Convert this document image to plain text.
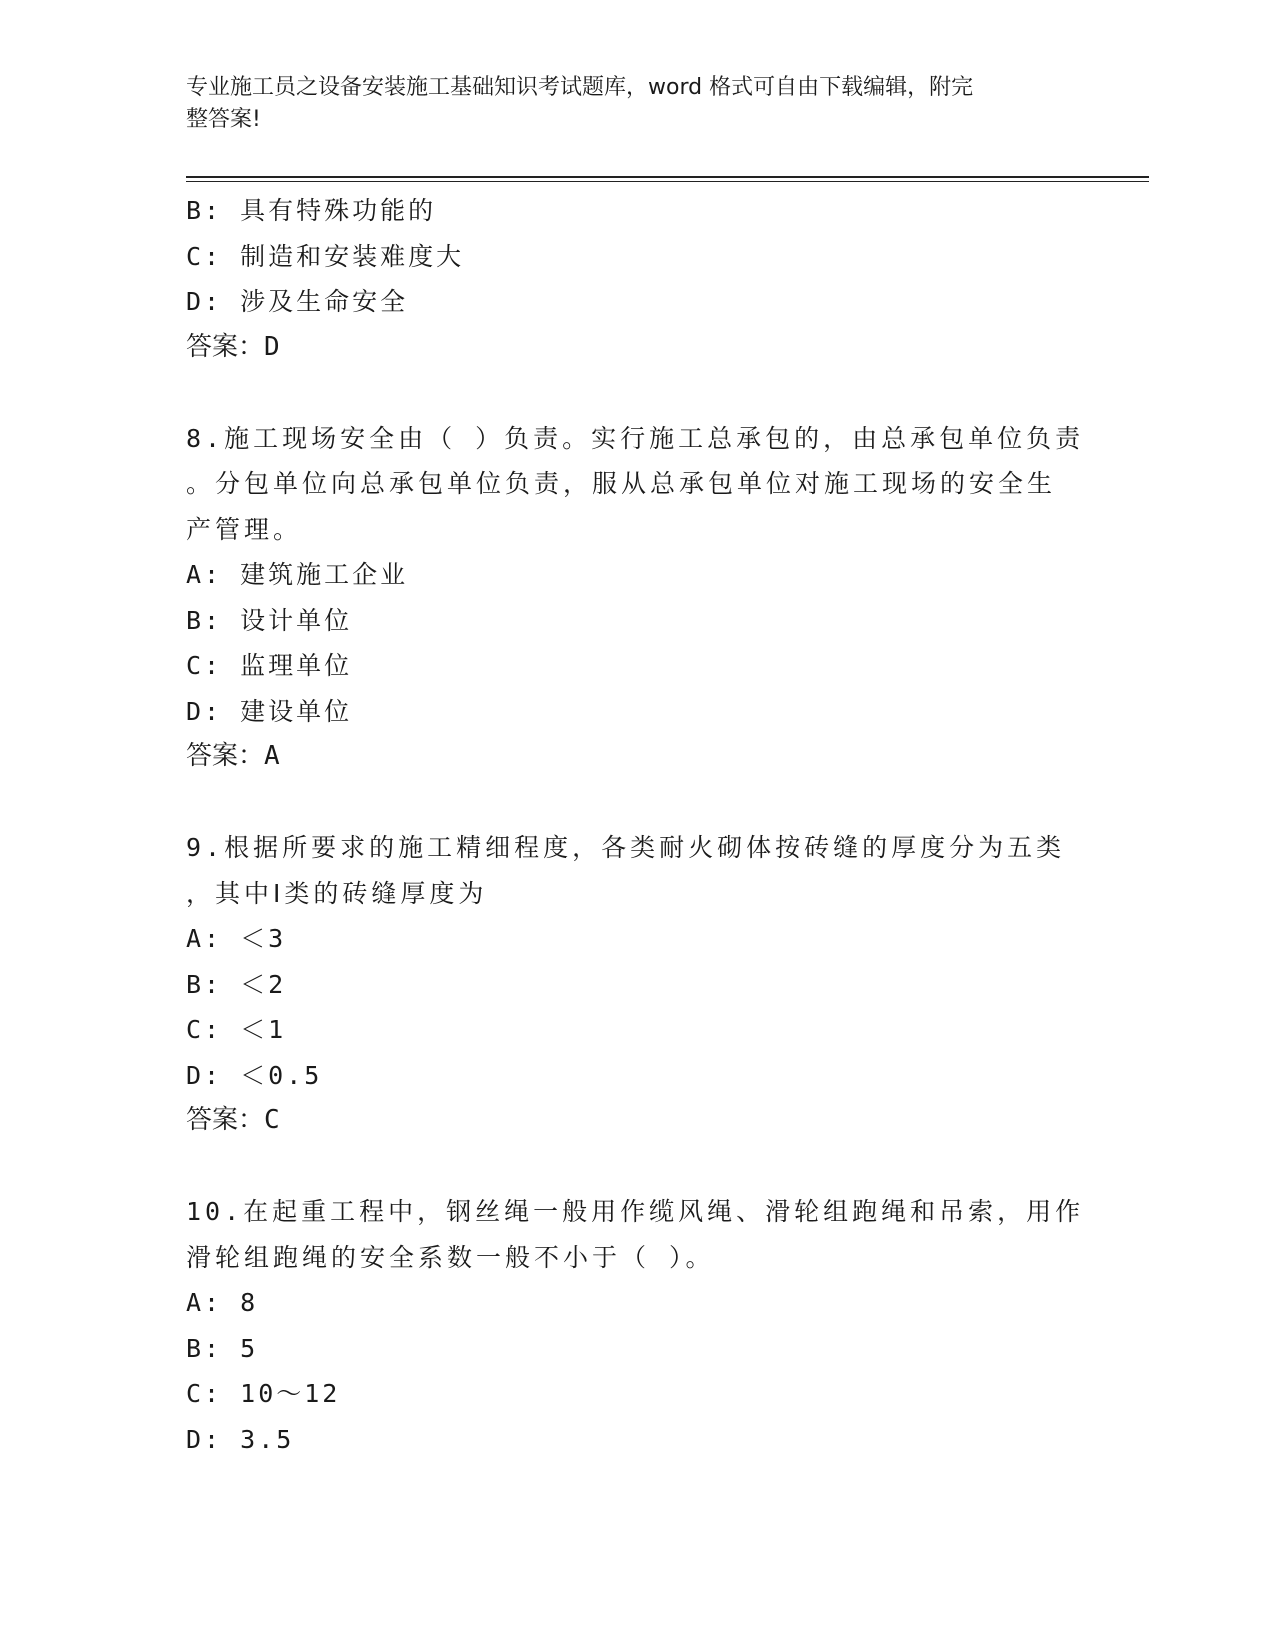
专业施工员之设备安装施工基础知识考试题库，word 格式可自由下载编辑，附完
整答案!
B: 具有特殊功能的
C: 制造和安装难度大
D: 涉及生命安全
答案：D
8.施工现场安全由（ ）负责。实行施工总承包的，由总承包单位负责
。分包单位向总承包单位负责，服从总承包单位对施工现场的安全生
产管理。
A: 建筑施工企业
B: 设计单位
C: 监理单位
D: 建设单位
答案：A
9.根据所要求的施工精细程度，各类耐火砌体按砖缝的厚度分为五类
，其中Ⅰ类的砖缝厚度为
A: ＜3
B: ＜2
C: ＜1
D: ＜0.5
答案：C
10.在起重工程中，钢丝绳一般用作缆风绳、滑轮组跑绳和吊索，用作
滑轮组跑绳的安全系数一般不小于（ ）。
A: 8
B: 5
C: 10～12
D: 3.5
